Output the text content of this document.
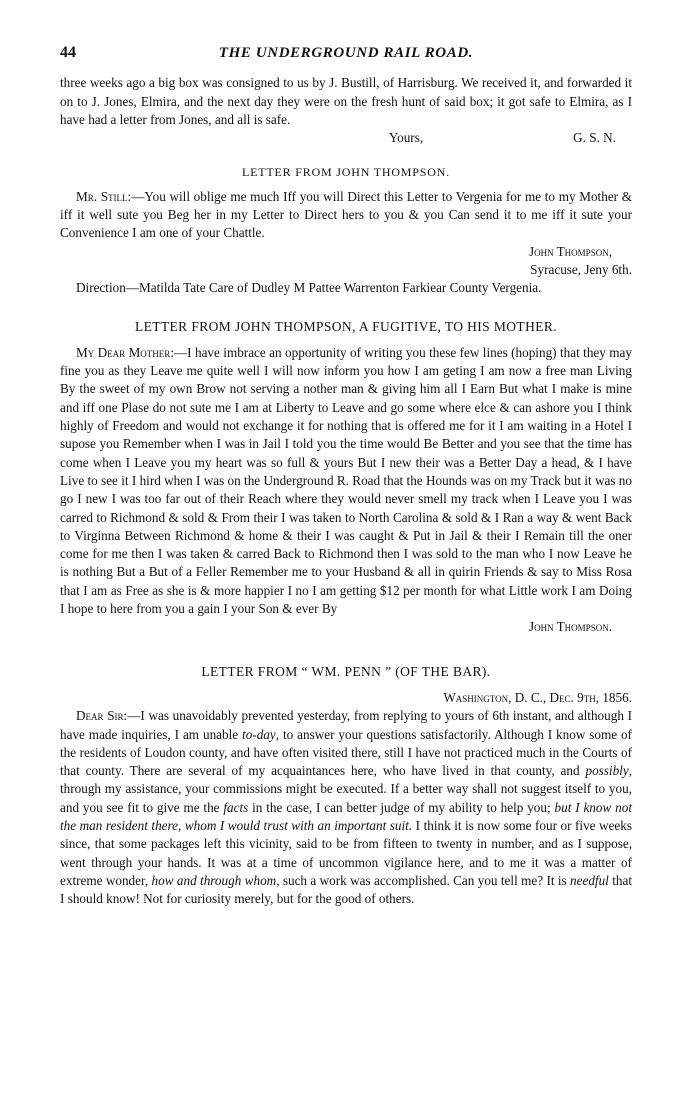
44	THE UNDERGROUND RAIL ROAD.

three weeks ago a big box was consigned to us by J. Bustill, of Harrisburg. We received it, and forwarded it on to J. Jones, Elmira, and the next day they were on the fresh hunt of said box; it got safe to Elmira, as I have had a letter from Jones, and all is safe.

Yours,	G. S. N.
LETTER FROM JOHN THOMPSON.

Mr. Still:—You will oblige me much Iff you will Direct this Letter to Vergenia for me to my Mother & iff it well sute you Beg her in my Letter to Direct hers to you & you Can send it to me iff it sute your Convenience I am one of your Chattle.

John Thompson,
Syracuse, Jeny 6th.

Direction—Matilda Tate Care of Dudley M Pattee Warrenton Farkiear County Vergenia.

LETTER FROM JOHN THOMPSON, A FUGITIVE, TO HIS MOTHER.

My Dear Mother:—I have imbrace an opportunity of writing you these few lines (hoping) that they may fine you as they Leave me quite well I will now inform you how I am geting I am now a free man Living By the sweet of my own Brow not serving a nother man & giving him all I Earn But what I make is mine and iff one Plase do not sute me I am at Liberty to Leave and go some where elce & can ashore you I think highly of Freedom and would not exchange it for nothing that is offered me for it I am waiting in a Hotel I supose you Remember when I was in Jail I told you the time would Be Better and you see that the time has come when I Leave you my heart was so full & yours But I new their was a Better Day a head, & I have Live to see it I hird when I was on the Underground R. Road that the Hounds was on my Track but it was no go I new I was too far out of their Reach where they would never smell my track when I Leave you I was carred to Richmond & sold & From their I was taken to North Carolina & sold & I Ran a way & went Back to Virginna Between Richmond & home & their I was caught & Put in Jail & their I Remain till the oner come for me then I was taken & carred Back to Richmond then I was sold to the man who I now Leave he is nothing But a But of a Feller Remember me to your Husband & all in quirin Friends & say to Miss Rosa that I am as Free as she is & more happier I no I am getting $12 per month for what Little work I am Doing I hope to here from you a gain I your Son & ever By

John Thompson.
LETTER FROM “ WM. PENN ” (OF THE BAR).
Washington, D. C., Dec. 9th, 1856.

Dear Sir:—I was unavoidably prevented yesterday, from replying to yours of 6th instant, and although I have made inquiries, I am unable to-day, to answer your questions satisfactorily. Although I know some of the residents of Loudon county, and have often visited there, still I have not practiced much in the Courts of that county. There are several of my acquaintances here, who have lived in that county, and possibly, through my assistance, your commissions might be executed. If a better way shall not suggest itself to you, and you see fit to give me the facts in the case, I can better judge of my ability to help you; but I know not the man resident there, whom I would trust with an important suit. I think it is now some four or five weeks since, that some packages left this vicinity, said to be from fifteen to twenty in number, and as I suppose, went through your hands. It was at a time of uncommon vigilance here, and to me it was a matter of extreme wonder, how and through whom, such a work was accomplished. Can you tell me? It is needful that I should know! Not for curiosity merely, but for the good of others.
